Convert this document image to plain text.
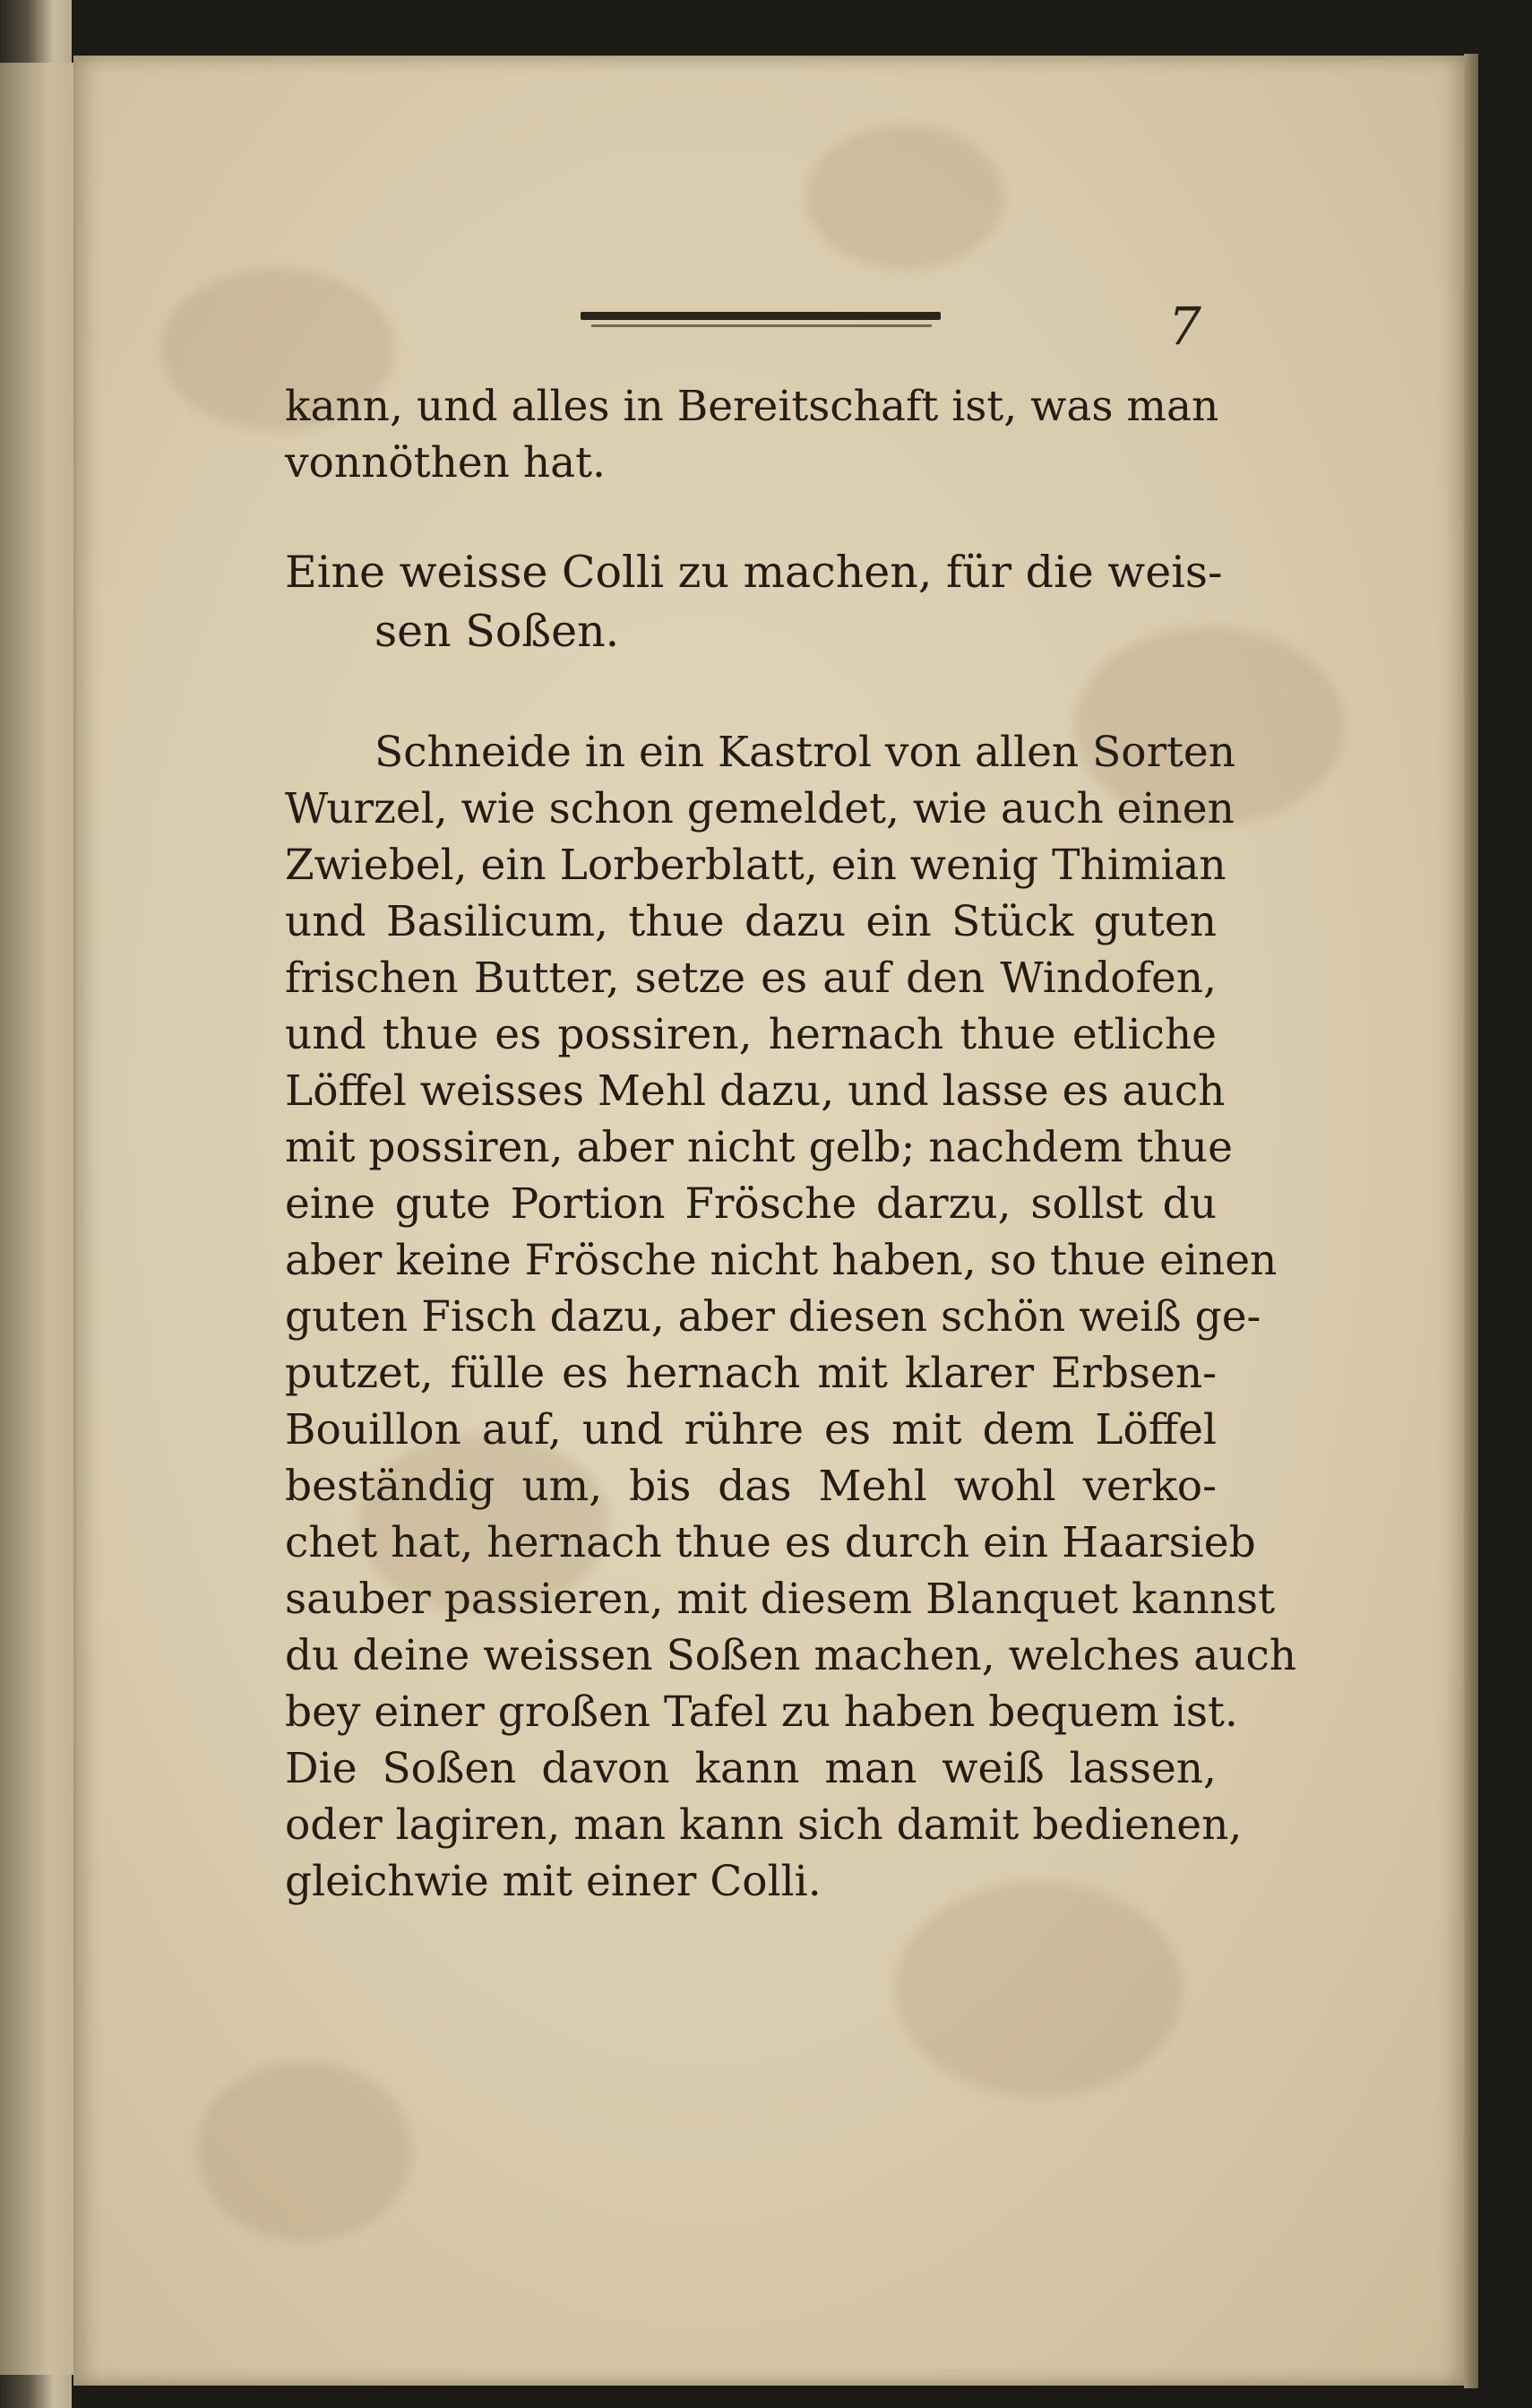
7
kann, und alles in Bereitschaft ist, was man
vonnöthen hat.
Eine weisse Colli zu machen, für die weis-
sen Soßen.
Schneide in ein Kastrol von allen Sorten
Wurzel, wie schon gemeldet, wie auch einen
Zwiebel, ein Lorberblatt, ein wenig Thimian
und Basilicum, thue dazu ein Stück guten
frischen Butter, setze es auf den Windofen,
und thue es possiren, hernach thue etliche
Löffel weisses Mehl dazu, und lasse es auch
mit possiren, aber nicht gelb; nachdem thue
eine gute Portion Frösche darzu, sollst du
aber keine Frösche nicht haben, so thue einen
guten Fisch dazu, aber diesen schön weiß ge-
putzet, fülle es hernach mit klarer Erbsen-
Bouillon auf, und rühre es mit dem Löffel
beständig um, bis das Mehl wohl verko-
chet hat, hernach thue es durch ein Haarsieb
sauber passieren, mit diesem Blanquet kannst
du deine weissen Soßen machen, welches auch
bey einer großen Tafel zu haben bequem ist.
Die Soßen davon kann man weiß lassen,
oder lagiren, man kann sich damit bedienen,
gleichwie mit einer Colli.
